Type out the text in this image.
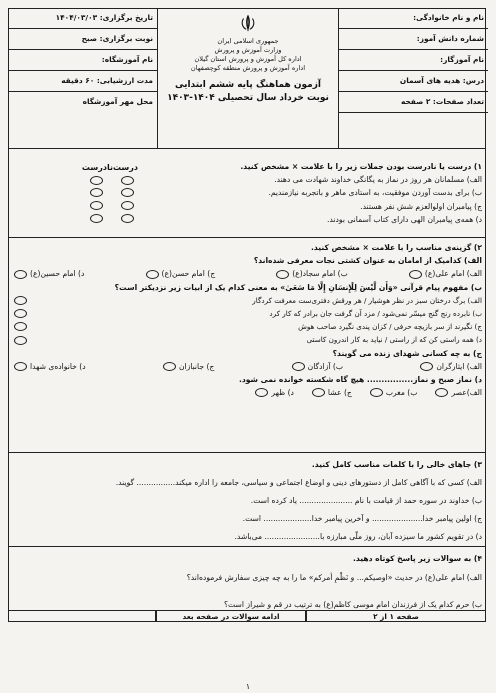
نام و نام خانوادگی:
شماره دانش آموز:
نام آموزگار:
درس: هدیه های آسمان
تعداد صفحات: ۲ صفحه
جمهوری اسلامی ایران
وزارت آموزش و پرورش
اداره کل آموزش و پرورش استان گیلان
اداره آموزش و پرورش منطقه کوچصفهان
آزمون هماهنگ پایه ششم ابتدایی
نوبت خرداد سال تحصیلی ۱۴۰۴-۱۴۰۳
تاریخ برگزاری: ۱۴۰۴/۰۳/۰۳
نوبت برگزاری: صبح
نام آموزشگاه:
مدت ارزشیابی: ۶۰ دقیقه
محل مهر آموزشگاه
۱) درست یا نادرست بودن جملات زیر را با علامت × مشخص کنید.
الف) مسلمانان هر روز در نماز به یگانگی خداوند شهادت می دهند.
ب) برای بدست آوردن موفقیت، به استادی ماهر و باتجربه نیازمندیم.
ج) پیامبران اولوالعزم شش نفر هستند.
د) همه‌ی پیامبران الهی دارای کتاب آسمانی بودند.
درست
نادرست
۲) گزینه‌ی مناسب را با علامت × مشخص کنید.
الف) کدامیک از امامان به عنوان کشتی نجات معرفی شده‌اند؟
الف) امام علی(ع)
ب) امام سجاد(ع)
ج) امام حسن(ع)
د) امام حسین(ع)
ب) مفهوم پیام قرآنی «وَأَن لَّیْسَ لِلْإِنسَانِ إِلَّا مَا سَعَیٰ» به معنی کدام یک از ابیات زیر نزدیکتر است؟
الف) برگ درختان سبز در نظر هوشیار / هر ورقش دفتری‌ست معرفت کردگار
ب) نابرده رنج گنج میسّر نمی‌شود / مزد آن گرفت جان برادر که کار کرد
ج) نگیرند از سر بازیچه حرفی / کزان پندی نگیرد صاحب هوش
د) همه راستی کن که از راستی / نیاید به کار اندرون کاستی
ج) به چه کسانی شهدای زنده می گویند؟
الف) ایثارگران
ب) آزادگان
ج) جانبازان
د) خانواده‌ی شهدا
د) نماز صبح و نماز................ هیچ گاه شکسته خوانده نمی شود.
الف)عصر
ب) مغرب
ج) عشا
د) ظهر
۳) جاهای خالی را با کلمات مناسب کامل کنید.
الف) کسی که با آگاهی کامل از دستورهای دینی و اوضاع اجتماعی و سیاسی، جامعه را اداره میکند................ گویند.
ب) خداوند در سوره حمد از قیامت با نام ...................... یاد کرده است.
ج) اولین پیامبر خدا..................... و آخرین پیامبر خدا.................... است.
د) در تقویم کشور ما سیزده آبان، روز ملّی مبارزه با....................... می‌باشد.
۴) به سوالات زیر پاسخ کوتاه دهید.
الف) امام علی(ع) در حدیث «اوصیکم... و نَظْمِ أمرکم» ما را به چه چیزی سفارش فرموده‌اند؟
ب) حرم کدام یک از فرزندان امام موسی کاظم(ع) به ترتیب در قم و شیراز است؟
صفحه ۱ از ۲
ادامه سوالات در صفحه بعد
۱
